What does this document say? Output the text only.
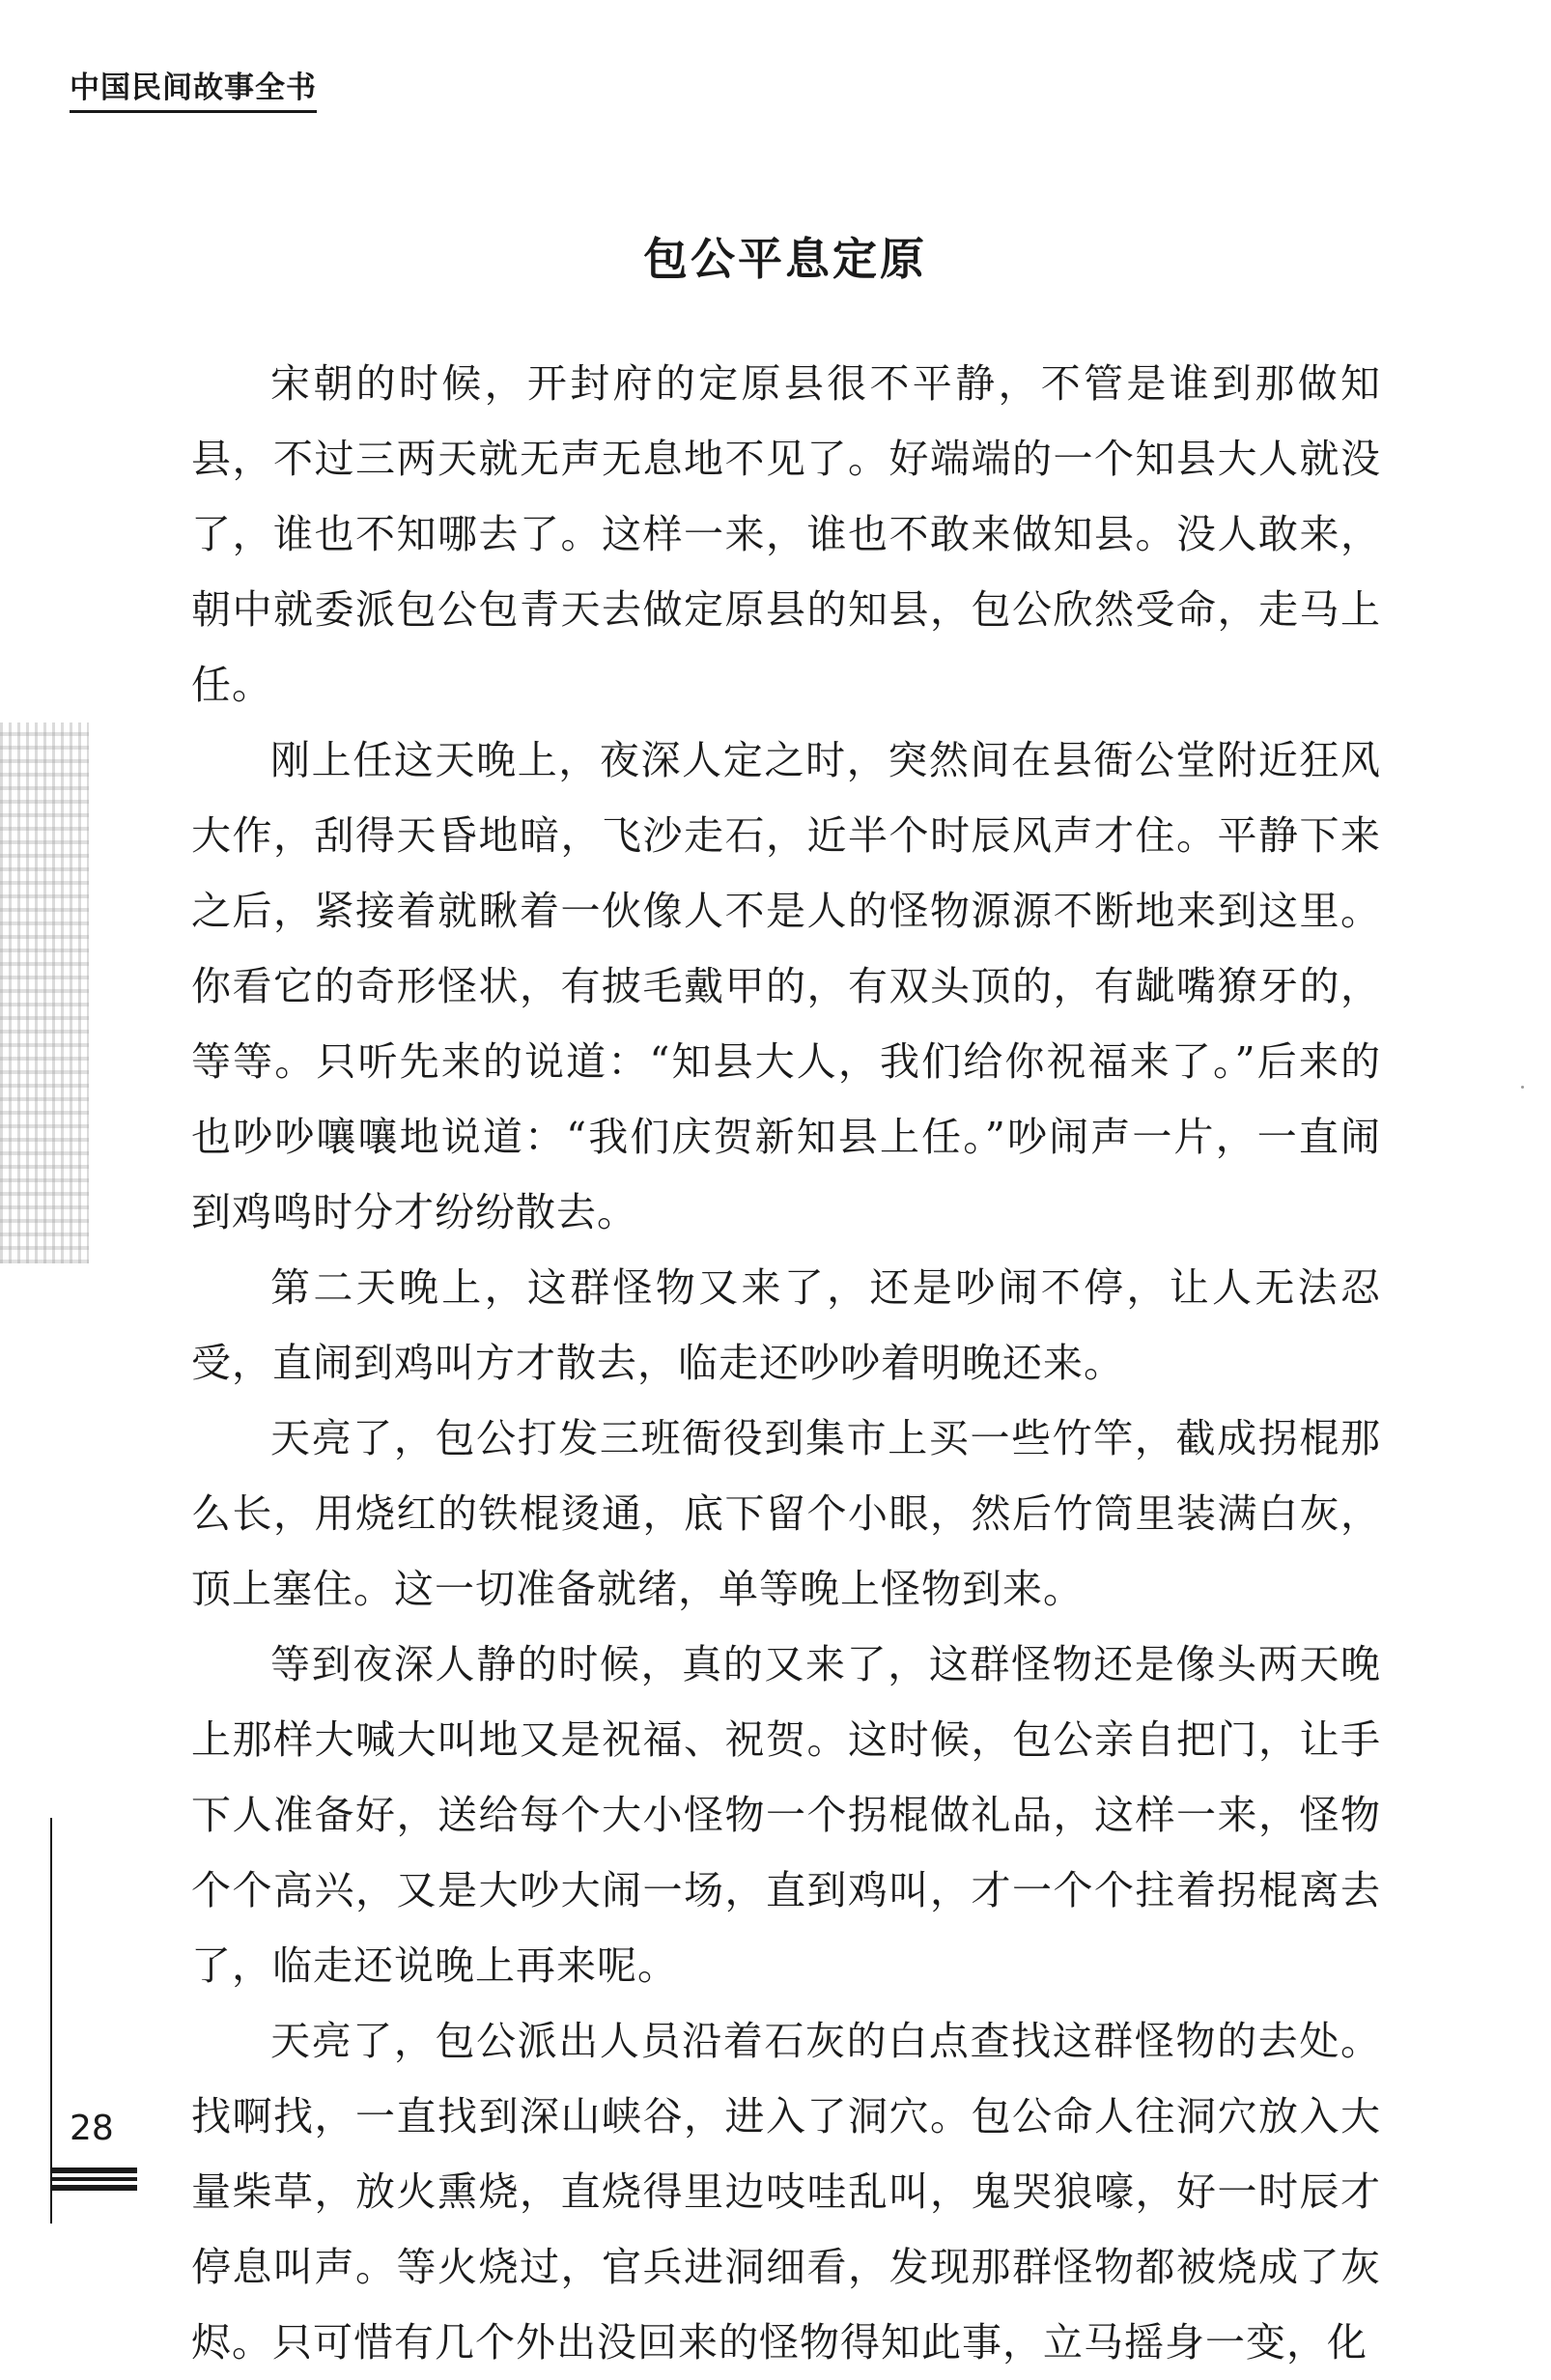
中国民间故事全书
包公平息定原

宋朝的时候，开封府的定原县很不平静，不管是谁到那做知县，不过三两天就无声无息地不见了。好端端的一个知县大人就没了，谁也不知哪去了。这样一来，谁也不敢来做知县。没人敢来，朝中就委派包公包青天去做定原县的知县，包公欣然受命，走马上任。

刚上任这天晚上，夜深人定之时，突然间在县衙公堂附近狂风大作，刮得天昏地暗，飞沙走石，近半个时辰风声才住。平静下来之后，紧接着就瞅着一伙像人不是人的怪物源源不断地来到这里。你看它的奇形怪状，有披毛戴甲的，有双头顶的，有龇嘴獠牙的，等等。只听先来的说道：“知县大人，我们给你祝福来了。”后来的也吵吵嚷嚷地说道：“我们庆贺新知县上任。”吵闹声一片，一直闹到鸡鸣时分才纷纷散去。

第二天晚上，这群怪物又来了，还是吵闹不停，让人无法忍受，直闹到鸡叫方才散去，临走还吵吵着明晚还来。

天亮了，包公打发三班衙役到集市上买一些竹竿，截成拐棍那么长，用烧红的铁棍烫通，底下留个小眼，然后竹筒里装满白灰，顶上塞住。这一切准备就绪，单等晚上怪物到来。

等到夜深人静的时候，真的又来了，这群怪物还是像头两天晚上那样大喊大叫地又是祝福、祝贺。这时候，包公亲自把门，让手下人准备好，送给每个大小怪物一个拐棍做礼品，这样一来，怪物个个高兴，又是大吵大闹一场，直到鸡叫，才一个个拄着拐棍离去了，临走还说晚上再来呢。

天亮了，包公派出人员沿着石灰的白点查找这群怪物的去处。找啊找，一直找到深山峡谷，进入了洞穴。包公命人往洞穴放入大量柴草，放火熏烧，直烧得里边吱哇乱叫，鬼哭狼嚎，好一时辰才停息叫声。等火烧过，官兵进洞细看，发现那群怪物都被烧成了灰烬。只可惜有几个外出没回来的怪物得知此事，立马摇身一变，化

28
